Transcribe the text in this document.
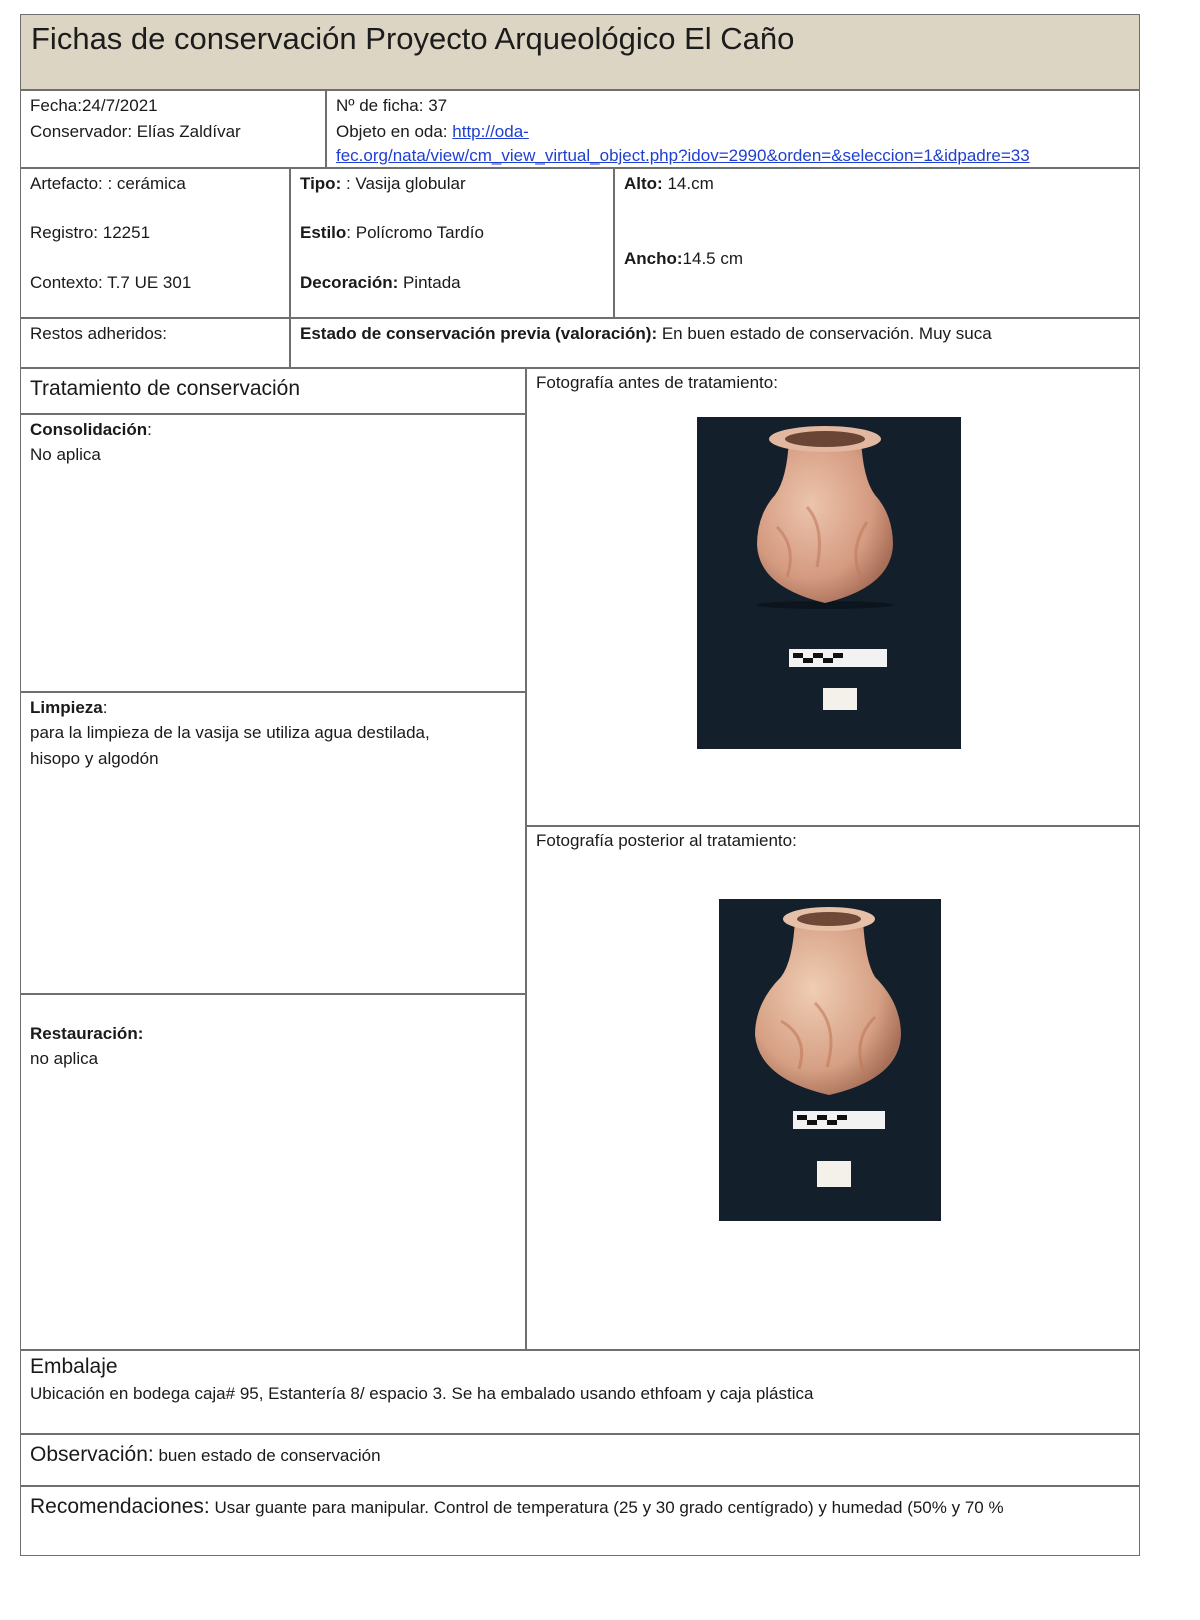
Fichas de conservación Proyecto Arqueológico El Caño
Fecha:24/7/2021
Conservador: Elías Zaldívar
Nº de ficha: 37
Objeto en oda: http://oda-
fec.org/nata/view/cm_view_virtual_object.php?idov=2990&orden=&seleccion=1&idpadre=33
Artefacto: : cerámica
Registro: 12251
Contexto: T.7 UE 301
Tipo: : Vasija globular
Estilo: Polícromo Tardío
Decoración: Pintada
Alto: 14.cm
Ancho:14.5 cm
Restos adheridos:	Estado de conservación previa (valoración): En buen estado de conservación. Muy suca
Tratamiento de conservación
Consolidación:
No aplica
Limpieza:
para la limpieza de la vasija se utiliza agua destilada,
hisopo y algodón
Restauración:
no aplica
Fotografía antes de tratamiento:
Fotografía posterior al tratamiento:
Embalaje
Ubicación en bodega caja# 95, Estantería 8/ espacio 3. Se ha embalado usando ethfoam y caja plástica
Observación: buen estado de conservación
Recomendaciones: Usar guante para manipular. Control de temperatura (25 y 30 grado centígrado) y humedad (50% y 70 %
